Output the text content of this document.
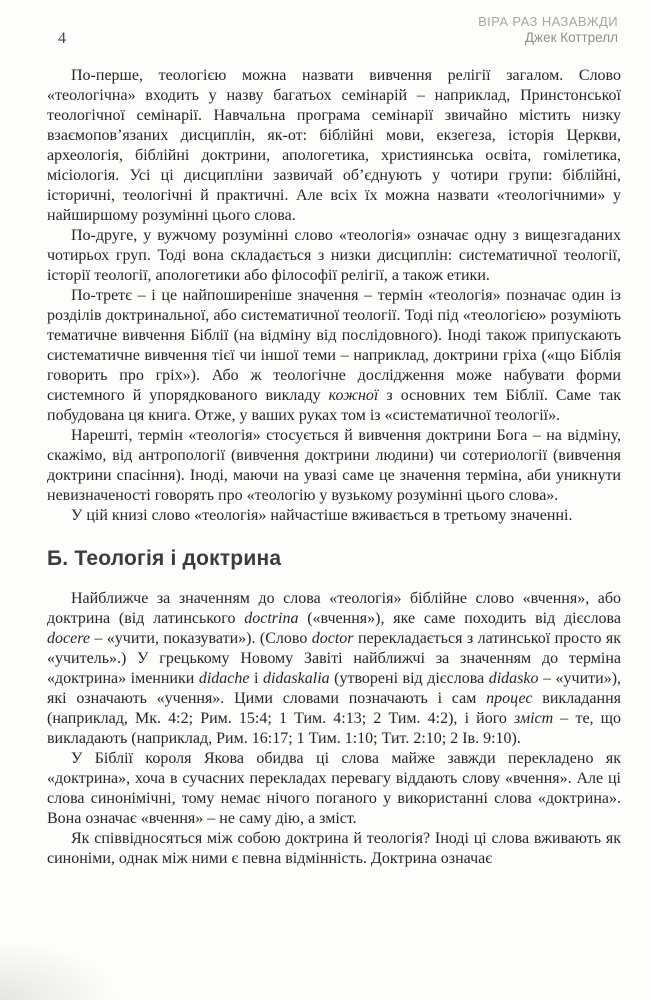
4
ВІРА РАЗ НАЗАВЖДИ
Джек Коттрелл

По-перше, теологією можна назвати вивчення релігії загалом. Слово «теологічна» входить у назву багатьох семінарій – наприклад, Принстонської теологічної семінарії. Навчальна програма семінарії звичайно містить низку взаємопов’язаних дисциплін, як-от: біблійні мови, екзегеза, історія Церкви, археологія, біблійні доктрини, апологетика, християнська освіта, гомілетика, місіологія. Усі ці дисципліни зазвичай об’єднують у чотири групи: біблійні, історичні, теологічні й практичні. Але всіх їх можна назвати «теологічними» у найширшому розумінні цього слова.

По-друге, у вужчому розумінні слово «теологія» означає одну з вищезгаданих чотирьох груп. Тоді вона складається з низки дисциплін: систематичної теології, історії теології, апологетики або філософії релігії, а також етики.

По-третє – і це найпоширеніше значення – термін «теологія» позначає один із розділів доктринальної, або систематичної теології. Тоді під «теологією» розуміють тематичне вивчення Біблії (на відміну від послідовного). Іноді також припускають систематичне вивчення тієї чи іншої теми – наприклад, доктрини гріха («що Біблія говорить про гріх»). Або ж теологічне дослідження може набувати форми системного й упорядкованого викладу кожної з основних тем Біблії. Саме так побудована ця книга. Отже, у ваших руках том із «систематичної теології».

Нарешті, термін «теологія» стосується й вивчення доктрини Бога – на відміну, скажімо, від антропології (вивчення доктрини людини) чи сотериології (вивчення доктрини спасіння). Іноді, маючи на увазі саме це значення терміна, аби уникнути невизначеності говорять про «теологію у вузькому розумінні цього слова».

У цій книзі слово «теологія» найчастіше вживається в третьому значенні.

Б. Теологія і доктрина

Найближче за значенням до слова «теологія» біблійне слово «вчення», або доктрина (від латинського doctrina («вчення»), яке саме походить від дієслова docere – «учити, показувати»). (Слово doctor перекладається з латинської просто як «учитель».) У грецькому Новому Завіті найближчі за значенням до терміна «доктрина» іменники didache і didaskalia (утворені від дієслова didasko – «учити»), які означають «учення». Цими словами позначають і сам процес викладання (наприклад, Мк. 4:2; Рим. 15:4; 1 Тим. 4:13; 2 Тим. 4:2), і його зміст – те, що викладають (наприклад, Рим. 16:17; 1 Тим. 1:10; Тит. 2:10; 2 Ів. 9:10).

У Біблії короля Якова обидва ці слова майже завжди перекладено як «доктрина», хоча в сучасних перекладах перевагу віддають слову «вчення». Але ці слова синонімічні, тому немає нічого поганого у використанні слова «доктрина». Вона означає «вчення» – не саму дію, а зміст.

Як співвідносяться між собою доктрина й теологія? Іноді ці слова вживають як синоніми, однак між ними є певна відмінність. Доктрина означає
